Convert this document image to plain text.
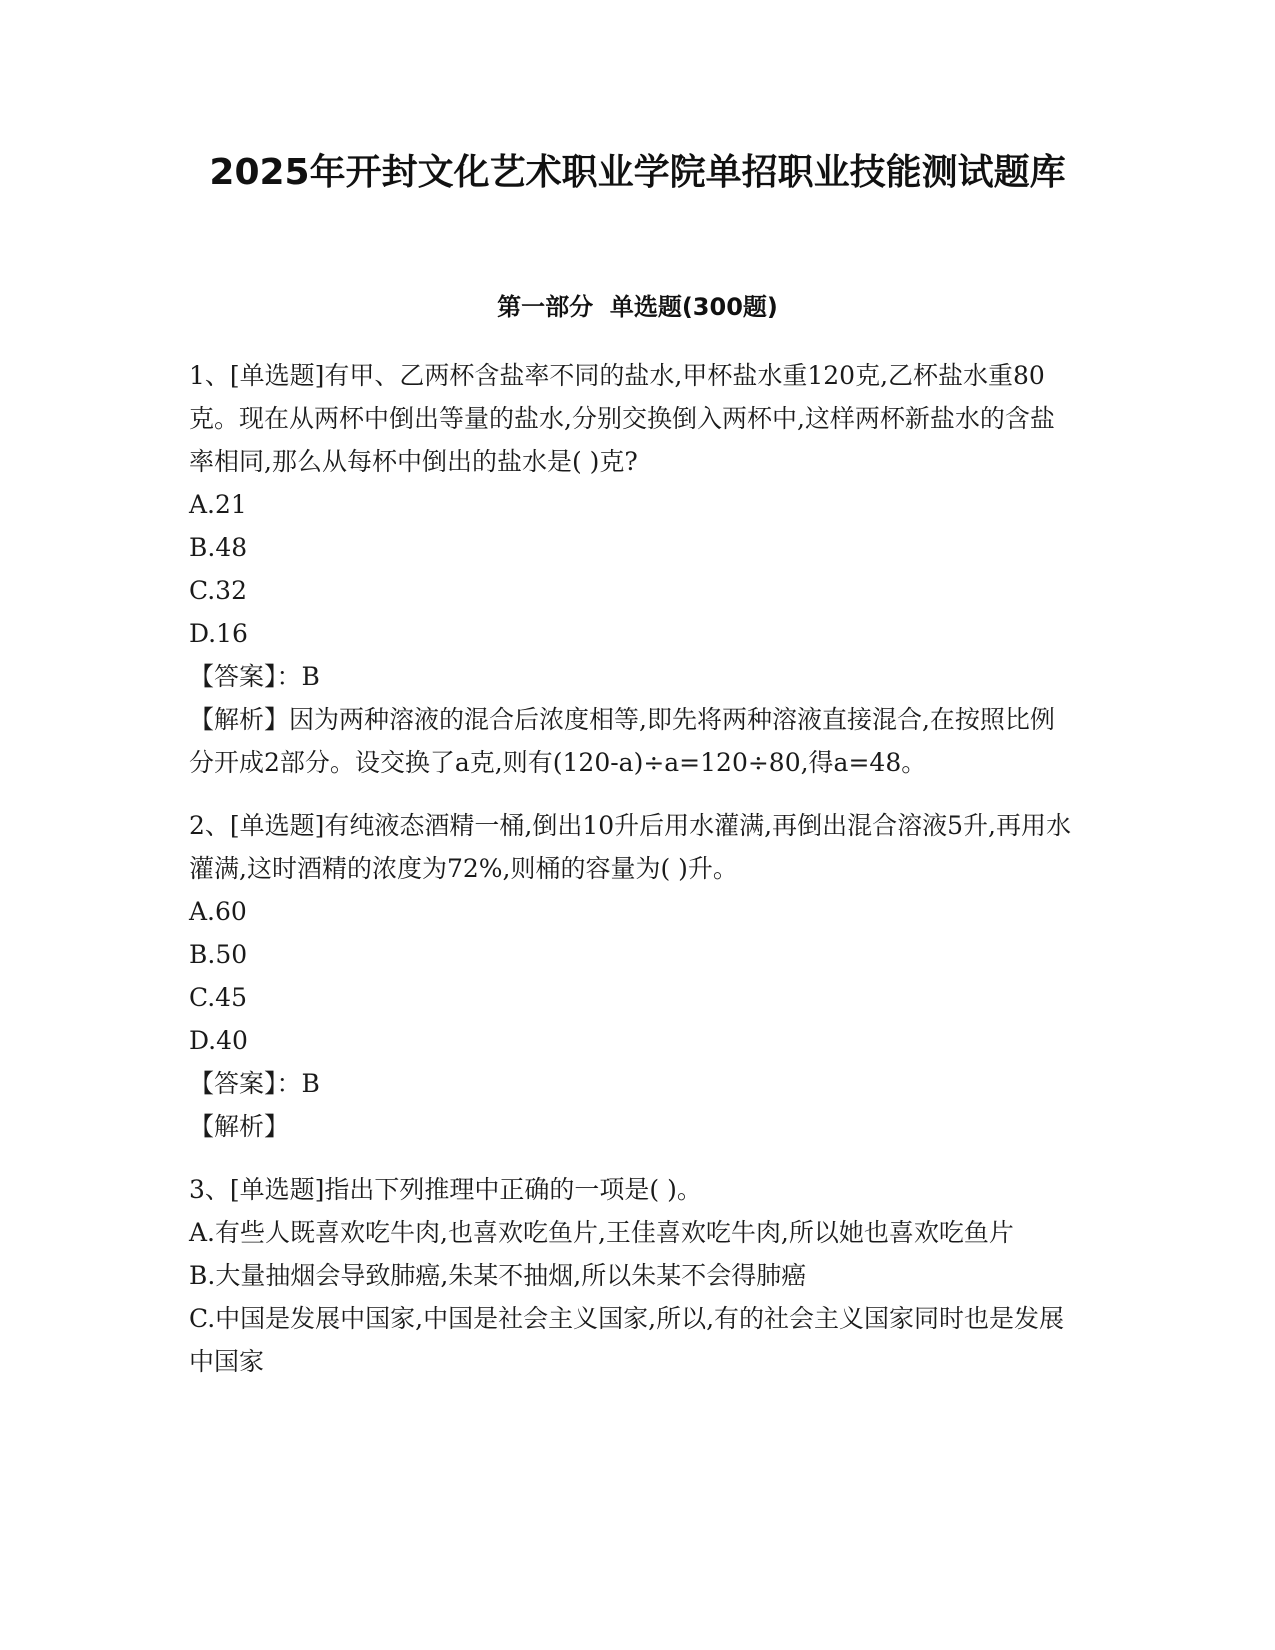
2025年开封文化艺术职业学院单招职业技能测试题库
第一部分  单选题(300题)

1、[单选题]有甲、乙两杯含盐率不同的盐水,甲杯盐水重120克,乙杯盐水重80克。现在从两杯中倒出等量的盐水,分别交换倒入两杯中,这样两杯新盐水的含盐率相同,那么从每杯中倒出的盐水是( )克?

A.21

B.48

C.32

D.16

【答案】：B

【解析】因为两种溶液的混合后浓度相等,即先将两种溶液直接混合,在按照比例分开成2部分。设交换了a克,则有(120-a)÷a=120÷80,得a=48。

2、[单选题]有纯液态酒精一桶,倒出10升后用水灌满,再倒出混合溶液5升,再用水灌满,这时酒精的浓度为72%,则桶的容量为( )升。

A.60

B.50

C.45

D.40

【答案】：B

【解析】

3、[单选题]指出下列推理中正确的一项是( )。

A.有些人既喜欢吃牛肉,也喜欢吃鱼片,王佳喜欢吃牛肉,所以她也喜欢吃鱼片

B.大量抽烟会导致肺癌,朱某不抽烟,所以朱某不会得肺癌

C.中国是发展中国家,中国是社会主义国家,所以,有的社会主义国家同时也是发展中国家
